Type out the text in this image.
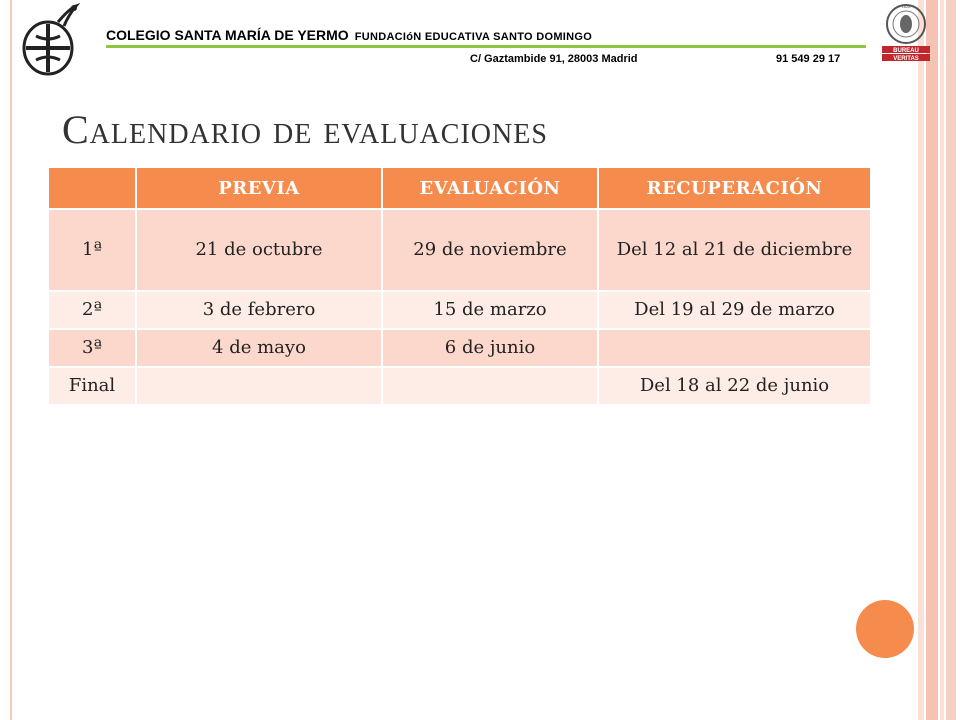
COLEGIO SANTA MARÍA DE YERMO FUNDACIóN EDUCATIVA SANTO DOMINGO
C/ Gaztambide 91, 28003 Madrid	91 549 29 17
1828
BUREAU
VERITAS
Calendario de evaluaciones
	PREVIA	EVALUACIÓN	RECUPERACIÓN
1ª	21 de octubre	29 de noviembre	Del 12 al 21 de diciembre
2ª	3 de febrero	15 de marzo	Del 19 al 29 de marzo
3ª	4 de mayo	6 de junio	
Final			Del 18 al 22 de junio
